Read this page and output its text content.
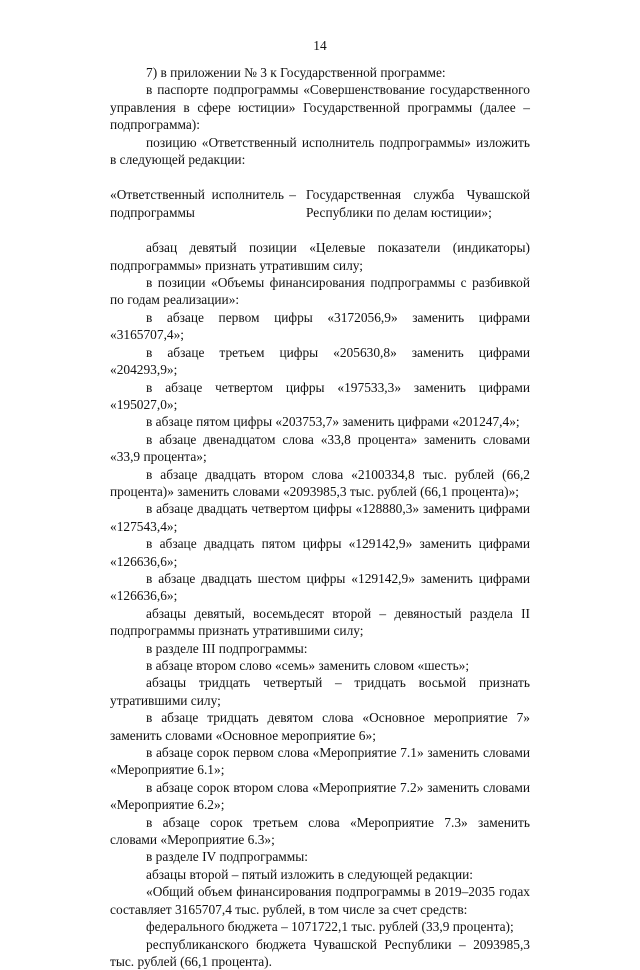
14

7) в приложении № 3 к Государственной программе:

в паспорте подпрограммы «Совершенствование государственного управления в сфере юстиции» Государственной программы (далее – подпрограмма):

позицию «Ответственный исполнитель подпрограммы» изложить в следующей редакции:

«Ответственный исполнитель подпрограммы
– Государственная служба Чувашской Республики по делам юстиции»;

абзац девятый позиции «Целевые показатели (индикаторы) подпрограммы» признать утратившим силу;

в позиции «Объемы финансирования подпрограммы с разбивкой по годам реализации»:

в абзаце первом цифры «3172056,9» заменить цифрами «3165707,4»;

в абзаце третьем цифры «205630,8» заменить цифрами «204293,9»;

в абзаце четвертом цифры «197533,3» заменить цифрами «195027,0»;

в абзаце пятом цифры «203753,7» заменить цифрами «201247,4»;

в абзаце двенадцатом слова «33,8 процента» заменить словами «33,9 процента»;

в абзаце двадцать втором слова «2100334,8 тыс. рублей (66,2 процента)» заменить словами «2093985,3 тыс. рублей (66,1 процента)»;

в абзаце двадцать четвертом цифры «128880,3» заменить цифрами «127543,4»;

в абзаце двадцать пятом цифры «129142,9» заменить цифрами «126636,6»;

в абзаце двадцать шестом цифры «129142,9» заменить цифрами «126636,6»;

абзацы девятый, восемьдесят второй – девяностый раздела II подпрограммы признать утратившими силу;

в разделе III подпрограммы:

в абзаце втором слово «семь» заменить словом «шесть»;

абзацы тридцать четвертый – тридцать восьмой признать утратившими силу;

в абзаце тридцать девятом слова «Основное мероприятие 7» заменить словами «Основное мероприятие 6»;

в абзаце сорок первом слова «Мероприятие 7.1» заменить словами «Мероприятие 6.1»;

в абзаце сорок втором слова «Мероприятие 7.2» заменить словами «Мероприятие 6.2»;

в абзаце сорок третьем слова «Мероприятие 7.3» заменить словами «Мероприятие 6.3»;

в разделе IV подпрограммы:

абзацы второй – пятый изложить в следующей редакции:

«Общий объем финансирования подпрограммы в 2019–2035 годах составляет 3165707,4 тыс. рублей, в том числе за счет средств:

федерального бюджета – 1071722,1 тыс. рублей (33,9 процента);

республиканского бюджета Чувашской Республики – 2093985,3 тыс. рублей (66,1 процента).
